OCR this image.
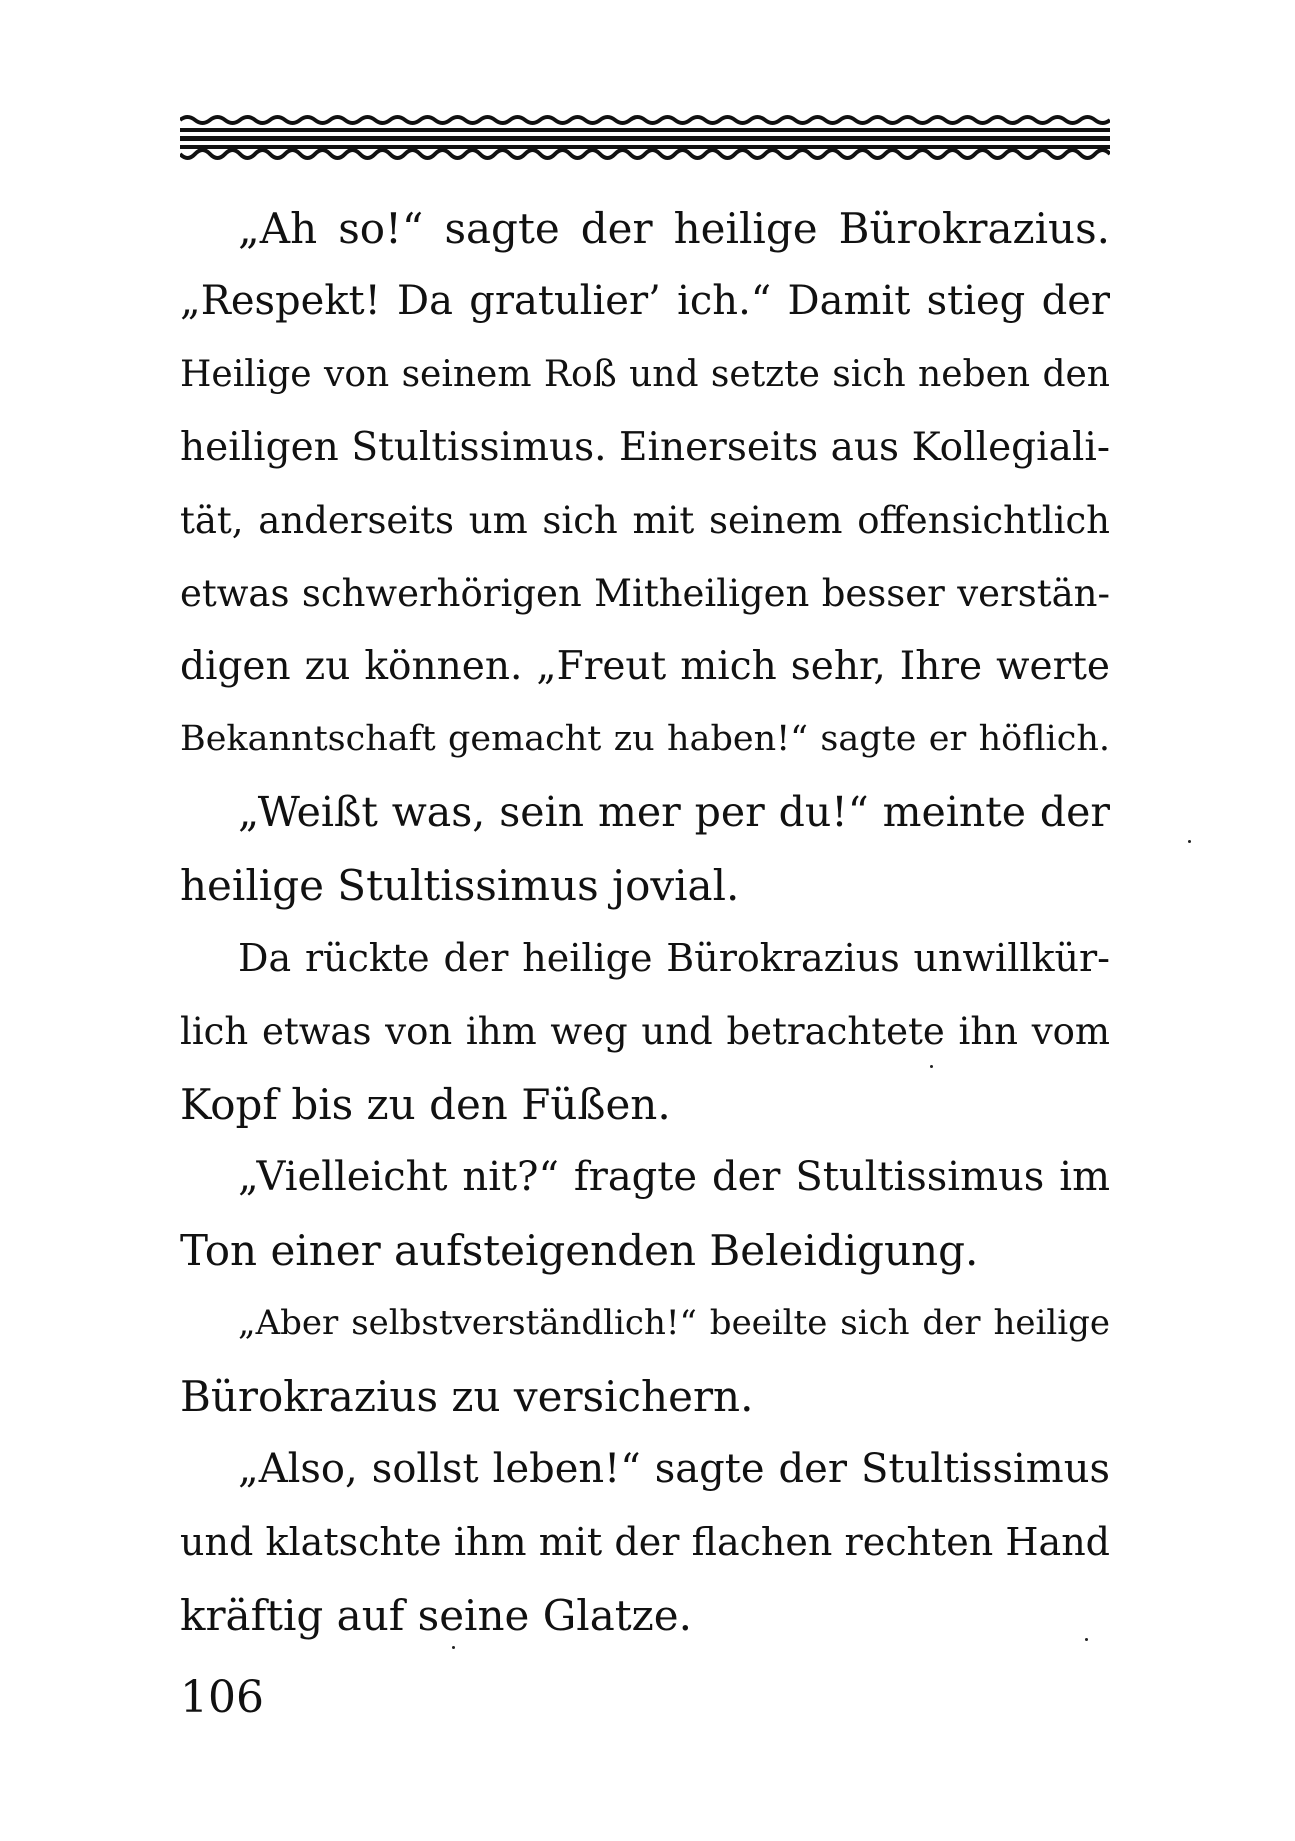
„Ah so!“ sagte der heilige Bürokrazius.
„Respekt! Da gratulier’ ich.“ Damit stieg der
Heilige von seinem Roß und setzte sich neben den
heiligen Stultissimus. Einerseits aus Kollegiali-
tät, anderseits um sich mit seinem offensichtlich
etwas schwerhörigen Mitheiligen besser verstän-
digen zu können. „Freut mich sehr, Ihre werte
Bekanntschaft gemacht zu haben!“ sagte er höflich.
„Weißt was, sein mer per du!“ meinte der
heilige Stultissimus jovial.
Da rückte der heilige Bürokrazius unwillkür-
lich etwas von ihm weg und betrachtete ihn vom
Kopf bis zu den Füßen.
„Vielleicht nit?“ fragte der Stultissimus im
Ton einer aufsteigenden Beleidigung.
„Aber selbstverständlich!“ beeilte sich der heilige
Bürokrazius zu versichern.
„Also, sollst leben!“ sagte der Stultissimus
und klatschte ihm mit der flachen rechten Hand
kräftig auf seine Glatze.
106
